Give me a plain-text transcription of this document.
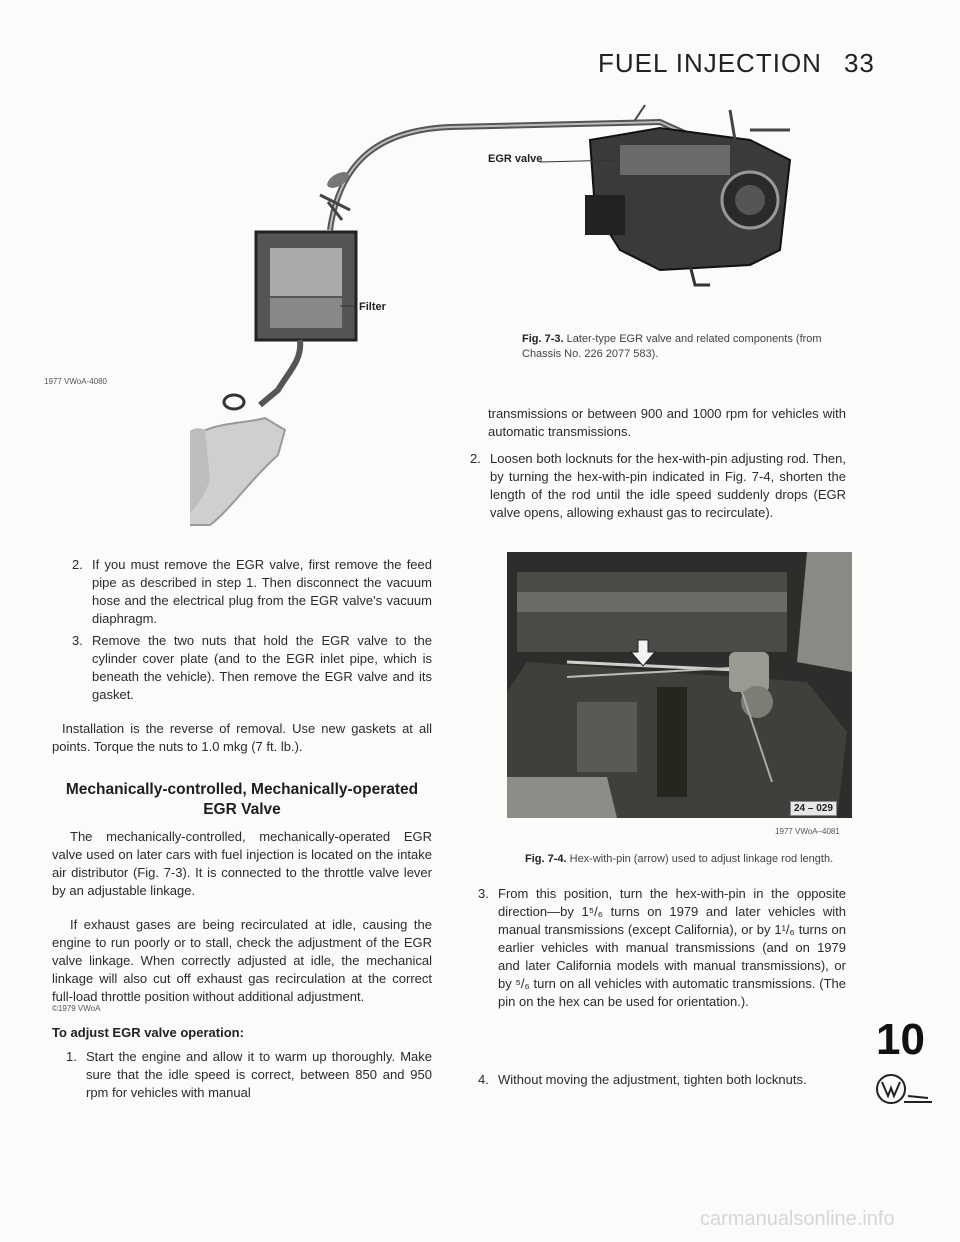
FUEL INJECTION 33
EGR valve
Filter
1977 VWoA-4080
Fig. 7-3. Later-type EGR valve and related components (from Chassis No. 226 2077 583).
2. If you must remove the EGR valve, first remove the feed pipe as described in step 1. Then disconnect the vacuum hose and the electrical plug from the EGR valve's vacuum diaphragm.
3. Remove the two nuts that hold the EGR valve to the cylinder cover plate (and to the EGR inlet pipe, which is beneath the vehicle). Then remove the EGR valve and its gasket.

Installation is the reverse of removal. Use new gaskets at all points. Torque the nuts to 1.0 mkg (7 ft. lb.).

Mechanically-controlled, Mechanically-operated
EGR Valve

The mechanically-controlled, mechanically-operated EGR valve used on later cars with fuel injection is located on the intake air distributor (Fig. 7-3). It is connected to the throttle valve lever by an adjustable linkage.

If exhaust gases are being recirculated at idle, causing the engine to run poorly or to stall, check the adjustment of the EGR valve linkage. When correctly adjusted at idle, the mechanical linkage will also cut off exhaust gas recirculation at the correct full-load throttle position without additional adjustment.

To adjust EGR valve operation:
1. Start the engine and allow it to warm up thoroughly. Make sure that the idle speed is correct, between 850 and 950 rpm for vehicles with manual
©1979 VWoA
transmissions or between 900 and 1000 rpm for vehicles with automatic transmissions.
2. Loosen both locknuts for the hex-with-pin adjusting rod. Then, by turning the hex-with-pin indicated in Fig. 7-4, shorten the length of the rod until the idle speed suddenly drops (EGR valve opens, allowing exhaust gas to recirculate).
24 – 029
1977 VWoA–4081
Fig. 7-4. Hex-with-pin (arrow) used to adjust linkage rod length.
3. From this position, turn the hex-with-pin in the opposite direction—by 1⁵/₆ turns on 1979 and later vehicles with manual transmissions (except California), or by 1¹/₆ turns on earlier vehicles with manual transmissions (and on 1979 and later California models with manual transmissions), or by ⁵/₆ turn on all vehicles with automatic transmissions. (The pin on the hex can be used for orientation.).
4. Without moving the adjustment, tighten both locknuts.
10
carmanualsonline.info
